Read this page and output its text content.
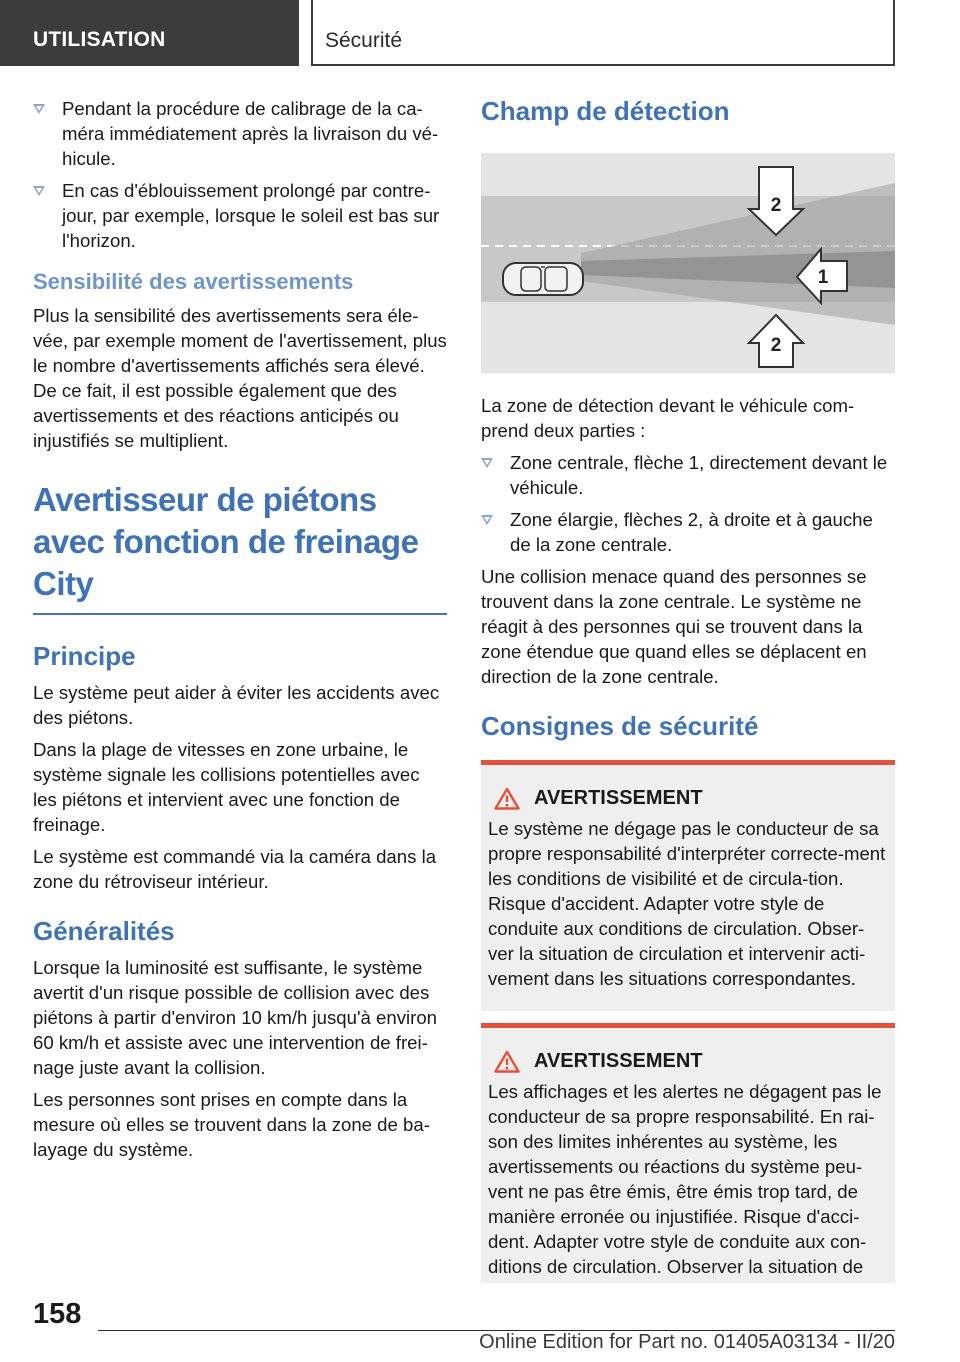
UTILISATION	Sécurité
Pendant la procédure de calibrage de la ca-méra immédiatement après la livraison du vé-hicule.
En cas d'éblouissement prolongé par contre-jour, par exemple, lorsque le soleil est bas sur l'horizon.
Sensibilité des avertissements

Plus la sensibilité des avertissements sera éle-vée, par exemple moment de l'avertissement, plus le nombre d'avertissements affichés sera élevé. De ce fait, il est possible également que des avertissements et des réactions anticipés ou injustifiés se multiplient.

Avertisseur de piétons avec fonction de freinage City
Principe

Le système peut aider à éviter les accidents avec des piétons.

Dans la plage de vitesses en zone urbaine, le système signale les collisions potentielles avec les piétons et intervient avec une fonction de freinage.

Le système est commandé via la caméra dans la zone du rétroviseur intérieur.

Généralités

Lorsque la luminosité est suffisante, le système avertit d'un risque possible de collision avec des piétons à partir d'environ 10 km/h jusqu'à environ 60 km/h et assiste avec une intervention de frei-nage juste avant la collision.

Les personnes sont prises en compte dans la mesure où elles se trouvent dans la zone de ba-layage du système.

Champ de détection
2
1
2

La zone de détection devant le véhicule com-prend deux parties :

Zone centrale, flèche 1, directement devant le véhicule.
Zone élargie, flèches 2, à droite et à gauche de la zone centrale.

Une collision menace quand des personnes se trouvent dans la zone centrale. Le système ne réagit à des personnes qui se trouvent dans la zone étendue que quand elles se déplacent en direction de la zone centrale.

Consignes de sécurité
AVERTISSEMENT

Le système ne dégage pas le conducteur de sa propre responsabilité d'interpréter correcte-ment les conditions de visibilité et de circula-tion. Risque d'accident. Adapter votre style de conduite aux conditions de circulation. Obser-ver la situation de circulation et intervenir acti-vement dans les situations correspondantes.

AVERTISSEMENT

Les affichages et les alertes ne dégagent pas le conducteur de sa propre responsabilité. En rai-son des limites inhérentes au système, les avertissements ou réactions du système peu-vent ne pas être émis, être émis trop tard, de manière erronée ou injustifiée. Risque d'acci-dent. Adapter votre style de conduite aux con-ditions de circulation. Observer la situation de

158
Online Edition for Part no. 01405A03134 - II/20
